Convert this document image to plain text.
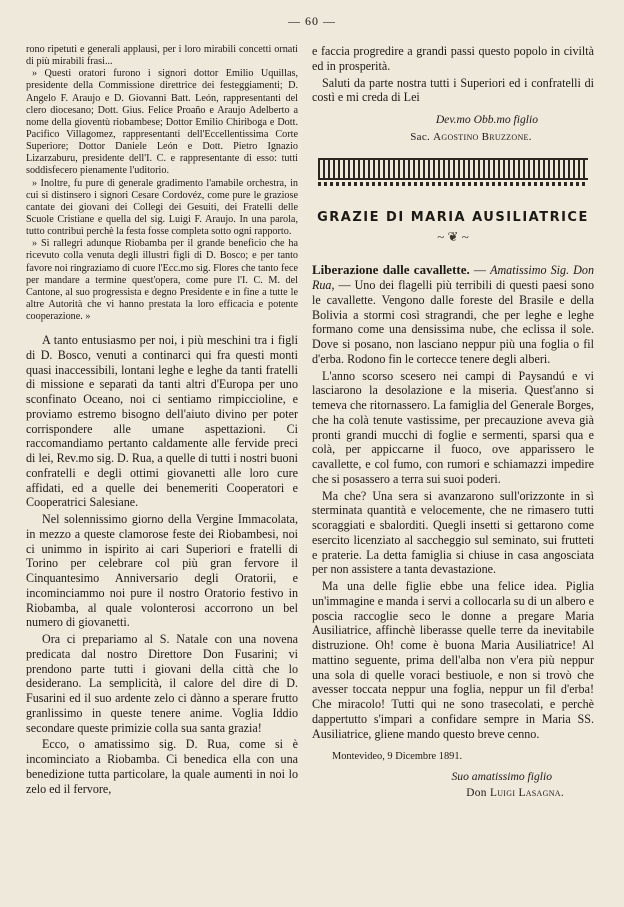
— 60 —

rono ripetuti e generali applausi, per i loro mirabili concetti ornati di più mirabili frasi...

» Questi oratori furono i signori dottor Emilio Uquillas, presidente della Commissione direttrice dei festeggiamenti; D. Angelo F. Araujo e D. Giovanni Batt. León, rappresentanti del clero diocesano; Dott. Gius. Felice Proaño e Araujo Adelberto a nome della gioventù riobambese; Dottor Emilio Chiriboga e Dott. Pacifico Villagomez, rappresentanti dell'Eccellentissima Corte Superiore; Dottor Daniele León e Dott. Pietro Ignazio Lizarzaburu, presidente dell'I. C. e rappresentante di esso: tutti soddisfecero pienamente l'uditorio.

» Inoltre, fu pure di generale gradimento l'amabile orchestra, in cui si distinsero i signori Cesare Cordovéz, come pure le graziose cantate dei giovani dei Collegi dei Gesuiti, dei Fratelli delle Scuole Cristiane e quella del sig. Luigi F. Araujo. In una parola, tutto contribuì perchè la festa fosse completa sotto ogni rapporto.

» Si rallegri adunque Riobamba per il grande beneficio che ha ricevuto colla venuta degli illustri figli di D. Bosco; e per tanto favore noi ringraziamo di cuore l'Ecc.mo sig. Flores che tanto fece per mandare a termine quest'opera, come pure l'I. C. M. del Cantone, al suo progressista e degno Presidente e in fine a tutte le altre Autorità che vi hanno prestata la loro efficacia e potente cooperazione. »

A tanto entusiasmo per noi, i più meschini tra i figli di D. Bosco, venuti a continarci qui fra questi monti quasi inaccessibili, lontani leghe e leghe da tanti fratelli di missione e separati da tanti altri d'Europa per uno sconfinato Oceano, noi ci sentiamo rimpiccioline, e proviamo estremo bisogno dell'aiuto divino per poter corrispondere alle umane aspettazioni. Ci raccomandiamo pertanto caldamente alle fervide preci di lei, Rev.mo sig. D. Rua, a quelle di tutti i nostri buoni confratelli e degli ottimi giovanetti alle loro cure affidati, ed a quelle dei benemeriti Cooperatori e Cooperatrici Salesiane.

Nel solennissimo giorno della Vergine Immacolata, in mezzo a queste clamorose feste dei Riobambesi, noi ci unimmo in ispirito ai cari Superiori e fratelli di Torino per celebrare col più gran fervore il Cinquantesimo Anniversario degli Oratorii, e incominciammo noi pure il nostro Oratorio festivo in Riobamba, al quale volonterosi accorrono un bel numero di giovanetti.

Ora ci prepariamo al S. Natale con una novena predicata dal nostro Direttore Don Fusarini; vi prendono parte tutti i giovani della città che lo desiderano. La semplicità, il calore del dire di D. Fusarini ed il suo ardente zelo ci dànno a sperare frutto granlissimo in queste tenere anime. Voglia Iddio secondare queste primizie colla sua santa grazia!

Ecco, o amatissimo sig. D. Rua, come si è incominciato a Riobamba. Ci benedica ella con una benedizione tutta particolare, la quale aumenti in noi lo zelo ed il fervore,

e faccia progredire a grandi passi questo popolo in civiltà ed in prosperità.

Saluti da parte nostra tutti i Superiori ed i confratelli di costì e mi creda di Lei

Dev.mo Obb.mo figlio
Sac. Agostino Bruzzone.
GRAZIE DI MARIA AUSILIATRICE
~ ❦ ~
Liberazione dalle cavallette. — Amatissimo Sig. Don Rua, — Uno dei flagelli più terribili di questi paesi sono le cavallette. Vengono dalle foreste del Brasile e della Bolivia a stormi così stragrandi, che per leghe e leghe formano come una densissima nube, che eclissa il sole. Dove si posano, non lasciano neppur più una foglia o fil d'erba. Rodono fin le cortecce tenere degli alberi.

L'anno scorso scesero nei campi di Paysandú e vi lasciarono la desolazione e la miseria. Quest'anno si temeva che ritornassero. La famiglia del Generale Borges, che ha colà tenute vastissime, per precauzione aveva già pronti grandi mucchi di foglie e sermenti, sparsi qua e colà, per appiccarne il fuoco, ove apparissero le cavallette, e col fumo, con rumori e schiamazzi impedire che si posassero a terra sui suoi poderi.

Ma che? Una sera si avanzarono sull'orizzonte in sì sterminata quantità e velocemente, che ne rimasero tutti scoraggiati e sbalorditi. Quegli insetti si gettarono come esercito licenziato al saccheggio sul seminato, sui frutteti e praterie. La detta famiglia si chiuse in casa angosciata per non assistere a tanta devastazione.

Ma una delle figlie ebbe una felice idea. Piglia un'immagine e manda i servi a collocarla su di un albero e poscia raccoglie seco le donne a pregare Maria Ausiliatrice, affinchè liberasse quelle terre da inevitabile distruzione. Oh! come è buona Maria Ausiliatrice! Al mattino seguente, prima dell'alba non v'era più neppur una sola di quelle voraci bestiuole, e non si trovò che avesser toccata neppur una foglia, neppur un fil d'erba! Che miracolo! Tutti qui ne sono trasecolati, e perchè dappertutto s'impari a confidare sempre in Maria SS. Ausiliatrice, gliene mando questo breve cenno.

Montevideo, 9 Dicembre 1891.
Suo amatissimo figlio
Don Luigi Lasagna.
